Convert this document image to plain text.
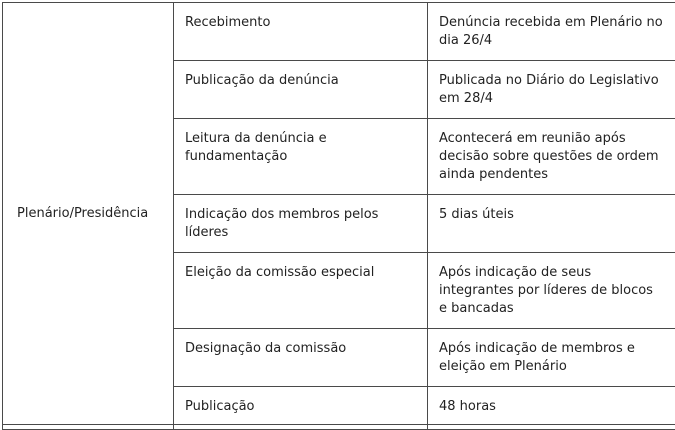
Plenário/Presidência	Recebimento	Denúncia recebida em Plenário no dia 26/4
	Publicação da denúncia	Publicada no Diário do Legislativo em 28/4
	Leitura da denúncia e fundamentação	Acontecerá em reunião após decisão sobre questões de ordem ainda pendentes
	Indicação dos membros pelos líderes	5 dias úteis
	Eleição da comissão especial	Após indicação de seus integrantes por líderes de blocos e bancadas
	Designação da comissão	Após indicação de membros e eleição em Plenário
	Publicação	48 horas
